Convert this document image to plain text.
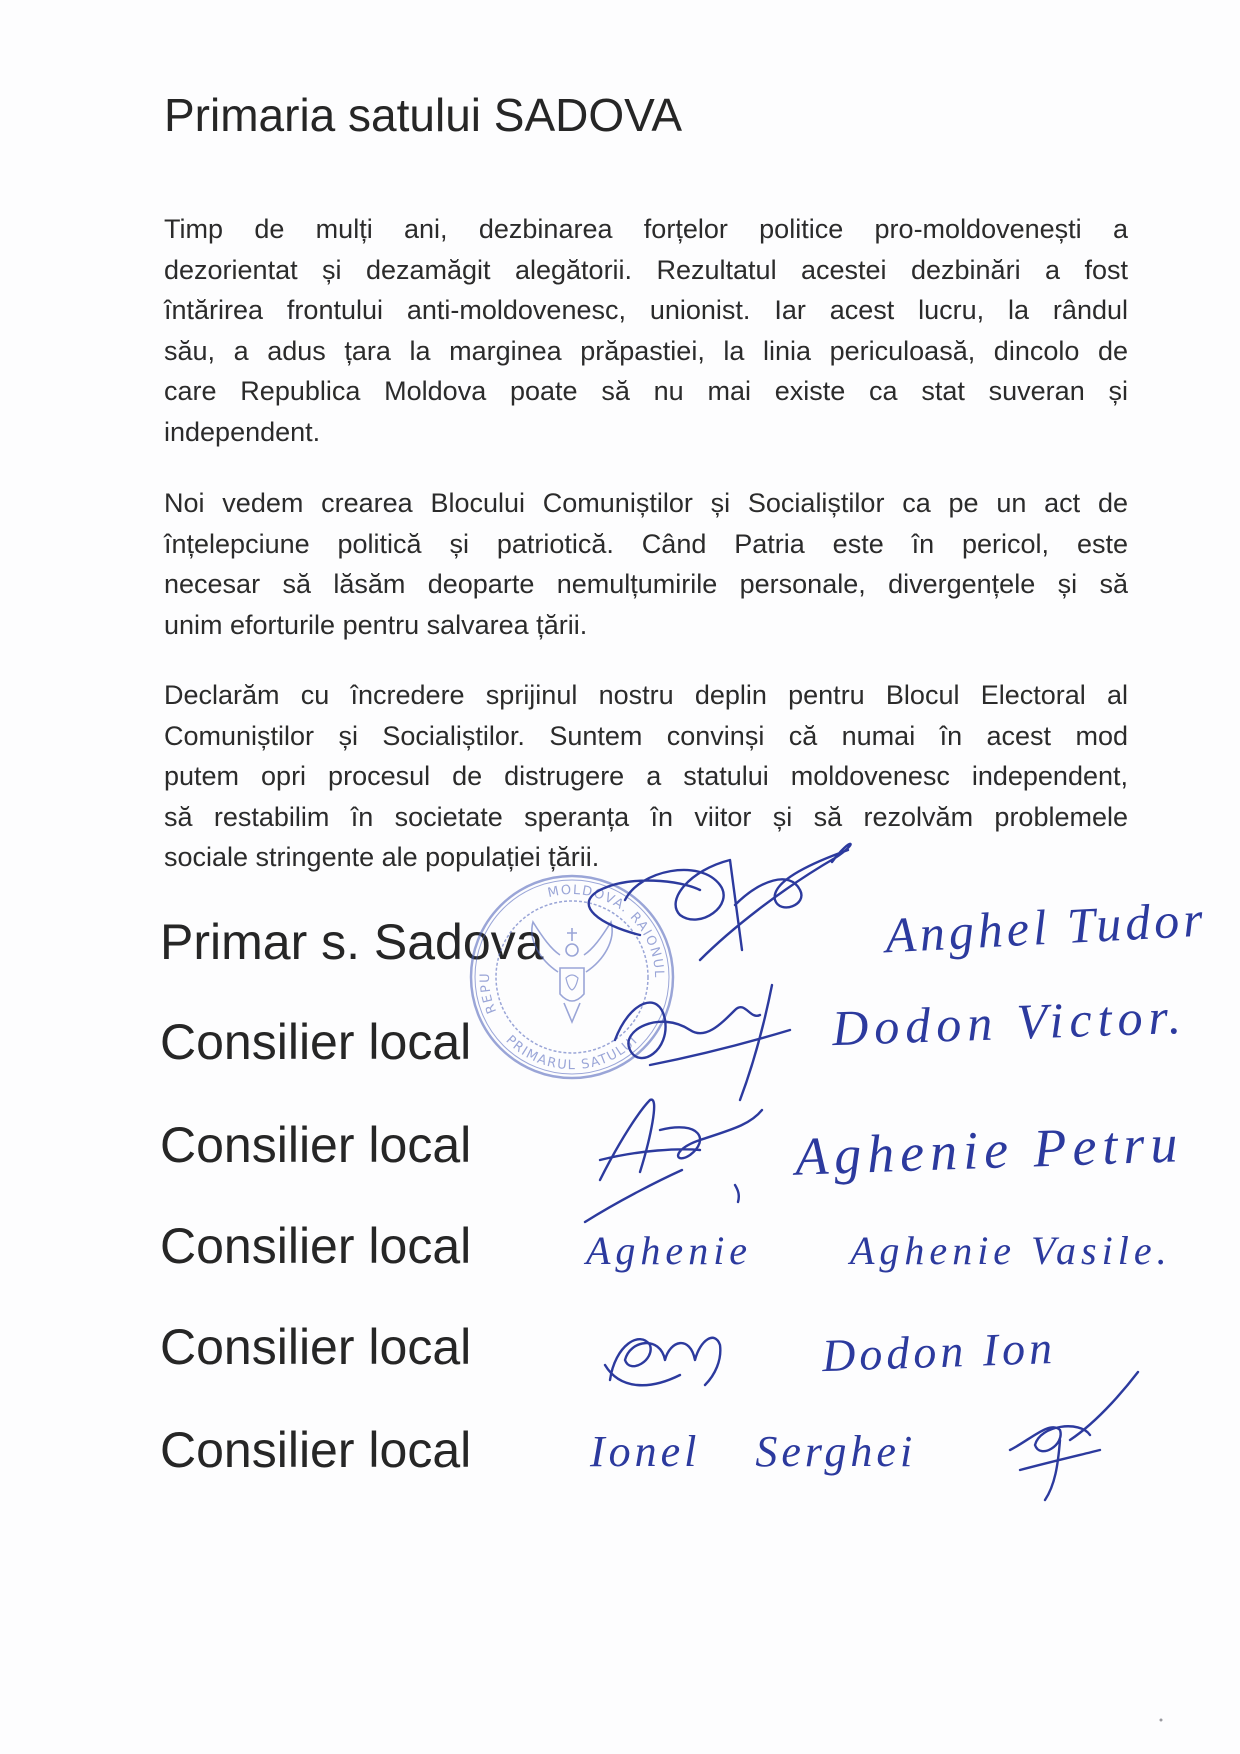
Primaria satului SADOVA
Timp de mulți ani, dezbinarea forțelor politice pro-moldovenești a
dezorientat și dezamăgit alegătorii. Rezultatul acestei dezbinări a fost
întărirea frontului anti-moldovenesc, unionist. Iar acest lucru, la rândul
său, a adus țara la marginea prăpastiei, la linia periculoasă, dincolo de
care Republica Moldova poate să nu mai existe ca stat suveran și
independent.
Noi vedem crearea Blocului Comuniștilor și Socialiștilor ca pe un act de
înțelepciune politică și patriotică. Când Patria este în pericol, este
necesar să lăsăm deoparte nemulțumirile personale, divergențele și să
unim eforturile pentru salvarea țării.
Declarăm cu încredere sprijinul nostru deplin pentru Blocul Electoral al
Comuniștilor și Socialiștilor. Suntem convinși că numai în acest mod
putem opri procesul de distrugere a statului moldovenesc independent,
să restabilim în societate speranța în viitor și să rezolvăm problemele
sociale stringente ale populației țării.
Primar s. Sadova
Consilier local
Consilier local
Consilier local
Consilier local
Consilier local
Anghel Tudor
Dodon Victor.
Aghenie Petru
Aghenie Aghenie Vasile.
Dodon Ion
Ionel Serghei
REPU
MOLDOVA. RAIONUL
PRIMARUL SATULUI
